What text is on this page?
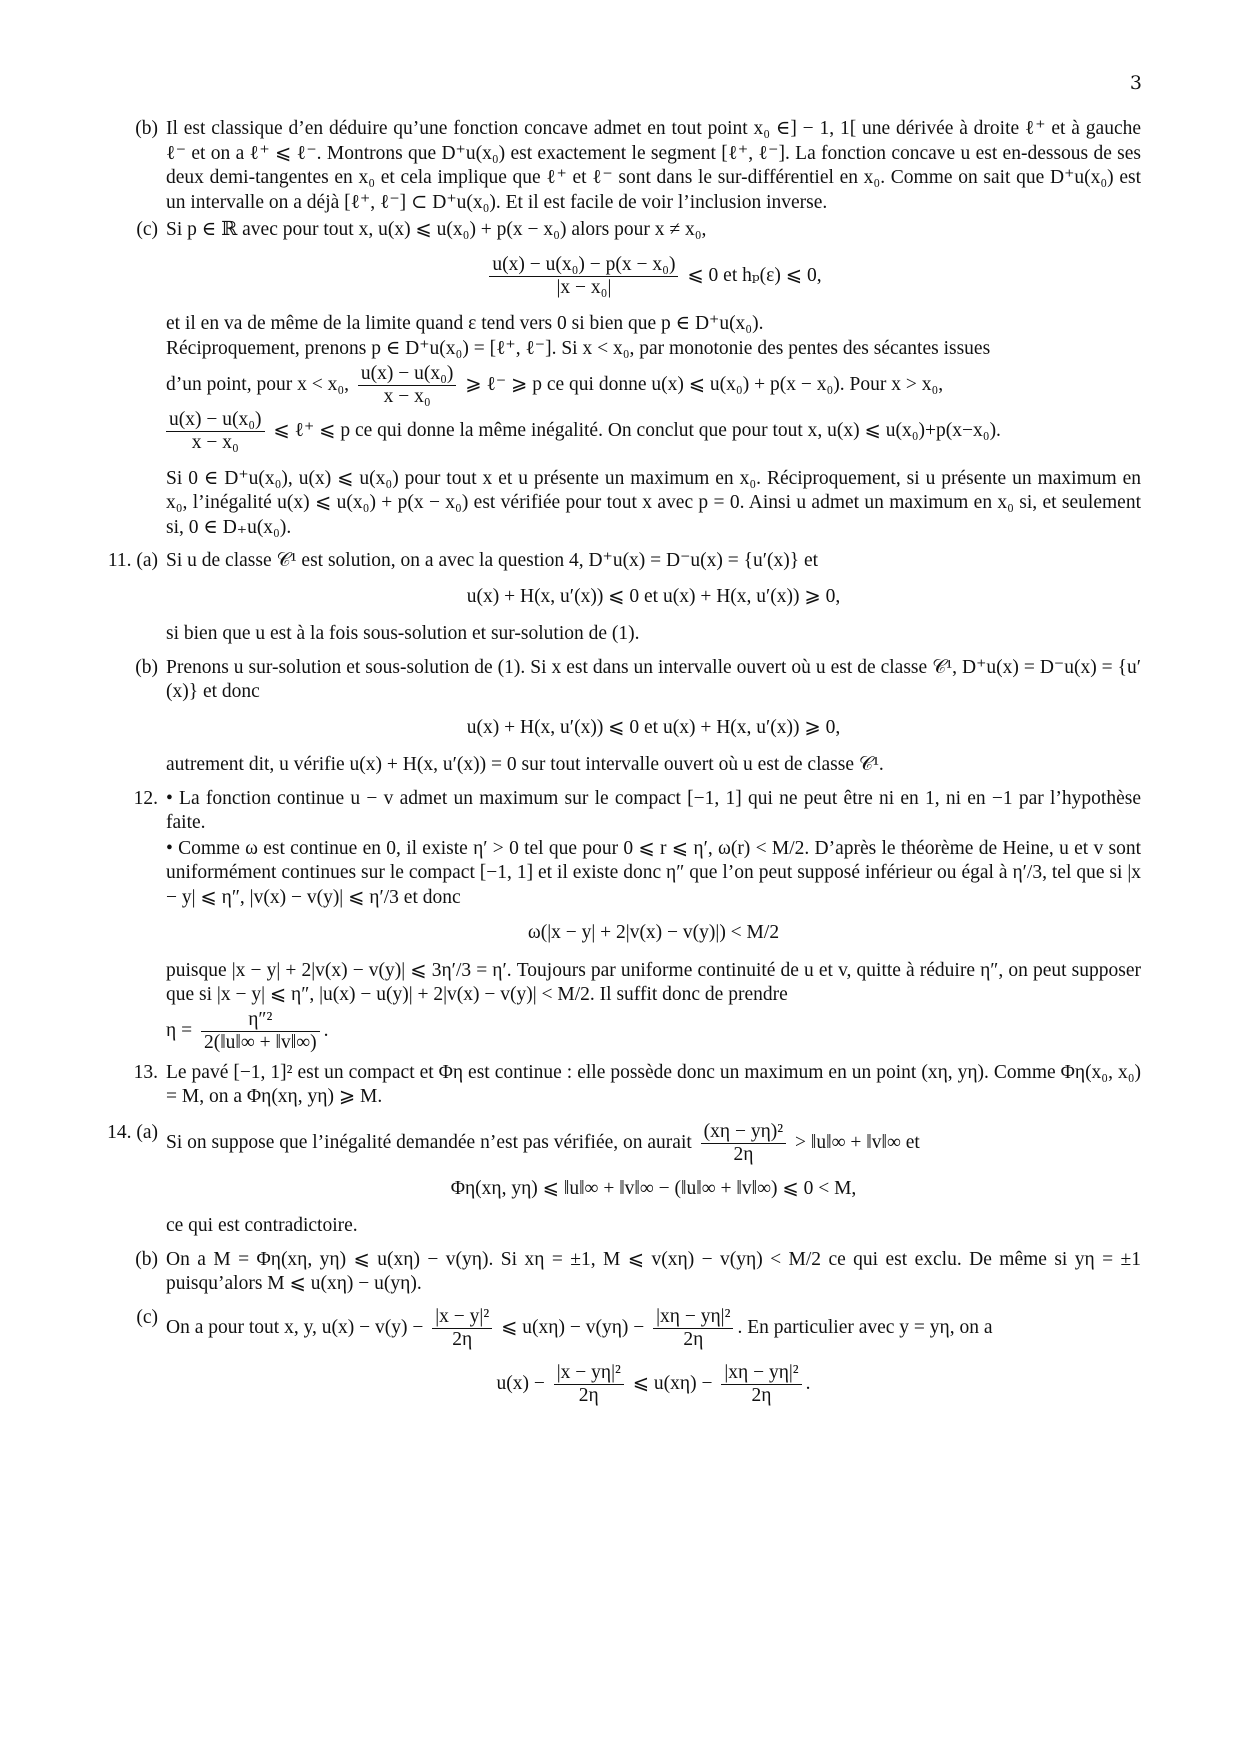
3
(b) Il est classique d’en déduire qu’une fonction concave admet en tout point x₀ ∈] − 1, 1[ une dérivée à droite ℓ⁺ et à gauche ℓ⁻ et on a ℓ⁺ ⩽ ℓ⁻. Montrons que D⁺u(x₀) est exactement le segment [ℓ⁺, ℓ⁻]. La fonction concave u est en-dessous de ses deux demi-tangentes en x₀ et cela implique que ℓ⁺ et ℓ⁻ sont dans le sur-différentiel en x₀. Comme on sait que D⁺u(x₀) est un intervalle on a déjà [ℓ⁺, ℓ⁻] ⊂ D⁺u(x₀). Et il est facile de voir l’inclusion inverse.

(c) Si p ∈ ℝ avec pour tout x, u(x) ⩽ u(x₀) + p(x − x₀) alors pour x ≠ x₀,

$\frac{\text{u(x) − u(x₀) − p(x − x₀)}}{\text{|x − x₀|}}$ ⩽ 0 et hₚ(ε) ⩽ 0,

et il en va de même de la limite quand ε tend vers 0 si bien que p ∈ D⁺u(x₀).

Réciproquement, prenons p ∈ D⁺u(x₀) = [ℓ⁺, ℓ⁻]. Si x < x₀, par monotonie des pentes des sécantes issues

d’un point, pour x < x₀, $\frac{\text{u(x) − u(x₀)}}{\text{x − x₀}}$ ⩾ ℓ⁻ ⩾ p ce qui donne u(x) ⩽ u(x₀) + p(x − x₀). Pour x > x₀,

$\frac{\text{u(x) − u(x₀)}}{\text{x − x₀}}$ ⩽ ℓ⁺ ⩽ p ce qui donne la même inégalité. On conclut que pour tout x, u(x) ⩽ u(x₀)+p(x−x₀).

Si 0 ∈ D⁺u(x₀), u(x) ⩽ u(x₀) pour tout x et u présente un maximum en x₀. Réciproquement, si u présente un maximum en x₀, l’inégalité u(x) ⩽ u(x₀) + p(x − x₀) est vérifiée pour tout x avec p = 0. Ainsi u admet un maximum en x₀ si, et seulement si, 0 ∈ D₊u(x₀).

11. (a) Si u de classe 𝒞¹ est solution, on a avec la question 4, D⁺u(x) = D⁻u(x) = {u′(x)} et

u(x) + H(x, u′(x)) ⩽ 0 et u(x) + H(x, u′(x)) ⩾ 0,

si bien que u est à la fois sous-solution et sur-solution de (1).

(b) Prenons u sur-solution et sous-solution de (1). Si x est dans un intervalle ouvert où u est de classe 𝒞¹, D⁺u(x) = D⁻u(x) = {u′(x)} et donc

u(x) + H(x, u′(x)) ⩽ 0 et u(x) + H(x, u′(x)) ⩾ 0,

autrement dit, u vérifie u(x) + H(x, u′(x)) = 0 sur tout intervalle ouvert où u est de classe 𝒞¹.

12. • La fonction continue u − v admet un maximum sur le compact [−1, 1] qui ne peut être ni en 1, ni en −1 par l’hypothèse faite.

• Comme ω est continue en 0, il existe η′ > 0 tel que pour 0 ⩽ r ⩽ η′, ω(r) < M/2. D’après le théorème de Heine, u et v sont uniformément continues sur le compact [−1, 1] et il existe donc η″ que l’on peut supposé inférieur ou égal à η′/3, tel que si |x − y| ⩽ η″, |v(x) − v(y)| ⩽ η′/3 et donc

ω(|x − y| + 2|v(x) − v(y)|) < M/2

puisque |x − y| + 2|v(x) − v(y)| ⩽ 3η′/3 = η′. Toujours par uniforme continuité de u et v, quitte à réduire η″, on peut supposer que si |x − y| ⩽ η″, |u(x) − u(y)| + 2|v(x) − v(y)| < M/2. Il suffit donc de prendre

$\eta = \frac{\text{η″²}}{2(‖u‖\infty + ‖v‖\infty)}$ .

13. Le pavé [−1, 1]² est un compact et Φη est continue : elle possède donc un maximum en un point (xη, yη). Comme Φη(x₀, x₀) = M, on a Φη(xη, yη) ⩾ M.

14. (a) Si on suppose que l’inégalité demandée n’est pas vérifiée, on aurait $\frac{\text{(xη − yη)²}}{2\eta}$ > ‖u‖∞ + ‖v‖∞ et

Φη(xη, yη) ⩽ ‖u‖∞ + ‖v‖∞ − (‖u‖∞ + ‖v‖∞) ⩽ 0 < M,

ce qui est contradictoire.

(b) On a M = Φη(xη, yη) ⩽ u(xη) − v(yη). Si xη = ±1, M ⩽ v(xη) − v(yη) < M/2 ce qui est exclu. De même si yη = ±1 puisqu’alors M ⩽ u(xη) − u(yη).

(c) On a pour tout x, y, $u(x) - v(y) - \frac{\text{|x − y|²}}{2\eta}$ ⩽ $u(x\eta) - v(y\eta) - \frac{\text{|xη − yη|²}}{2\eta}$ . En particulier avec y = yη, on a

$u(x) - \frac{\text{|x − yη|²}}{2\eta}$ ⩽ $u(x\eta) - \frac{\text{|xη − yη|²}}{2\eta}$ .
